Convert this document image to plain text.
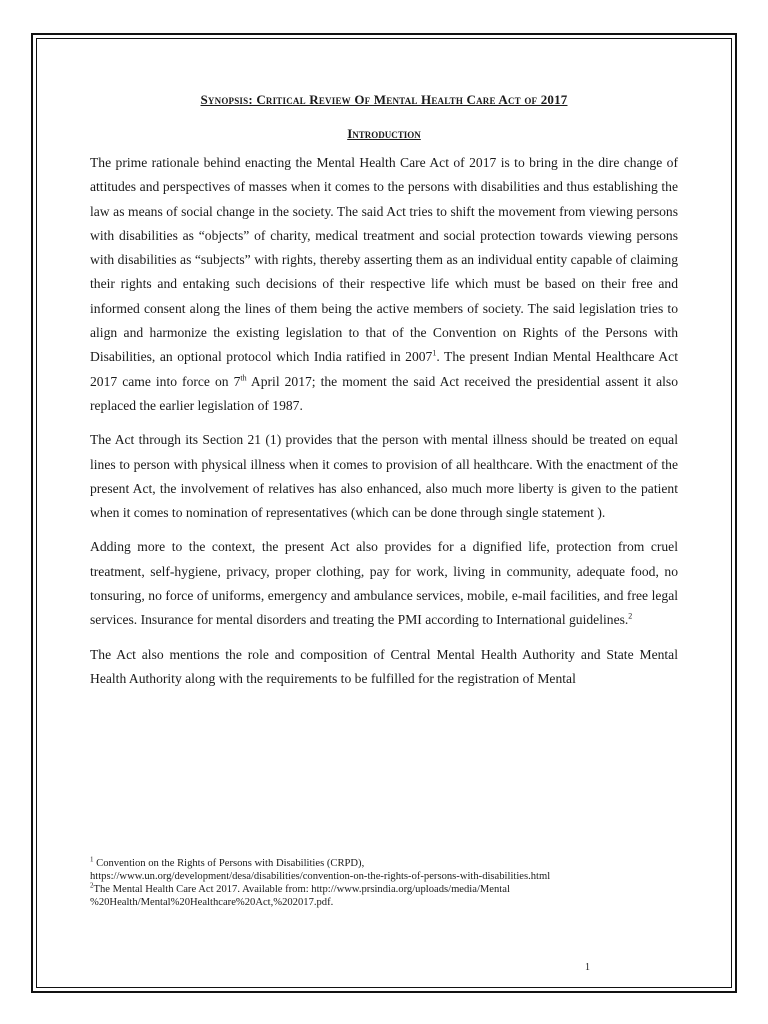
Synopsis: Critical Review Of Mental Health Care Act of 2017
Introduction

The prime rationale behind enacting the Mental Health Care Act of 2017 is to bring in the dire change of attitudes and perspectives of masses when it comes to the persons with disabilities and thus establishing the law as means of social change in the society. The said Act tries to shift the movement from viewing persons with disabilities as “objects” of charity, medical treatment and social protection towards viewing persons with disabilities as “subjects” with rights, thereby asserting them as an individual entity capable of claiming their rights and entaking such decisions of their respective life which must be based on their free and informed consent along the lines of them being the active members of society. The said legislation tries to align and harmonize the existing legislation to that of the Convention on Rights of the Persons with Disabilities, an optional protocol which India ratified in 2007$^1$. The present Indian Mental Healthcare Act 2017 came into force on 7th April 2017; the moment the said Act received the presidential assent it also replaced the earlier legislation of 1987.

The Act through its Section 21 (1) provides that the person with mental illness should be treated on equal lines to person with physical illness when it comes to provision of all healthcare. With the enactment of the present Act, the involvement of relatives has also enhanced, also much more liberty is given to the patient when it comes to nomination of representatives (which can be done through single statement ).

Adding more to the context, the present Act also provides for a dignified life, protection from cruel treatment, self-hygiene, privacy, proper clothing, pay for work, living in community, adequate food, no tonsuring, no force of uniforms, emergency and ambulance services, mobile, e-mail facilities, and free legal services. Insurance for mental disorders and treating the PMI according to International guidelines.$^2$

The Act also mentions the role and composition of Central Mental Health Authority and State Mental Health Authority along with the requirements to be fulfilled for the registration of Mental

$^1$ Convention on the Rights of Persons with Disabilities (CRPD),

https://www.un.org/development/desa/disabilities/convention-on-the-rights-of-persons-with-disabilities.html

$^2$The Mental Health Care Act 2017. Available from: http://www.prsindia.org/uploads/media/Mental

%20Health/Mental%20Healthcare%20Act,%202017.pdf.

1
